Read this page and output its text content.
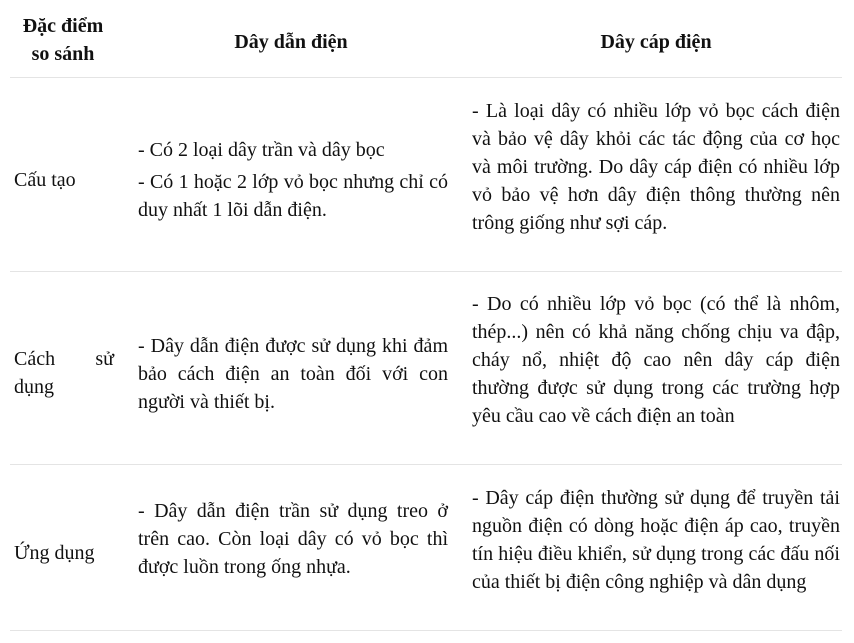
Đặc điểm
so sánh
Dây dẫn điện	Dây cáp điện
Cấu tạo

- Có 2 loại dây trần và dây bọc

- Có 1 hoặc 2 lớp vỏ bọc nhưng chỉ có duy nhất 1 lõi dẫn điện.

- Là loại dây có nhiều lớp vỏ bọc cách điện và bảo vệ dây khỏi các tác động của cơ học và môi trường. Do dây cáp điện có nhiều lớp vỏ bảo vệ hơn dây điện thông thường nên trông giống như sợi cáp.
Cách sử dụng
- Dây dẫn điện được sử dụng khi đảm bảo cách điện an toàn đối với con người và thiết bị.
- Do có nhiều lớp vỏ bọc (có thể là nhôm, thép...) nên có khả năng chống chịu va đập, cháy nổ, nhiệt độ cao nên dây cáp điện thường được sử dụng trong các trường hợp yêu cầu cao về cách điện an toàn
Ứng dụng
- Dây dẫn điện trần sử dụng treo ở trên cao. Còn loại dây có vỏ bọc thì được luồn trong ống nhựa.
- Dây cáp điện thường sử dụng để truyền tải nguồn điện có dòng hoặc điện áp cao, truyền tín hiệu điều khiển, sử dụng trong các đấu nối của thiết bị điện công nghiệp và dân dụng
